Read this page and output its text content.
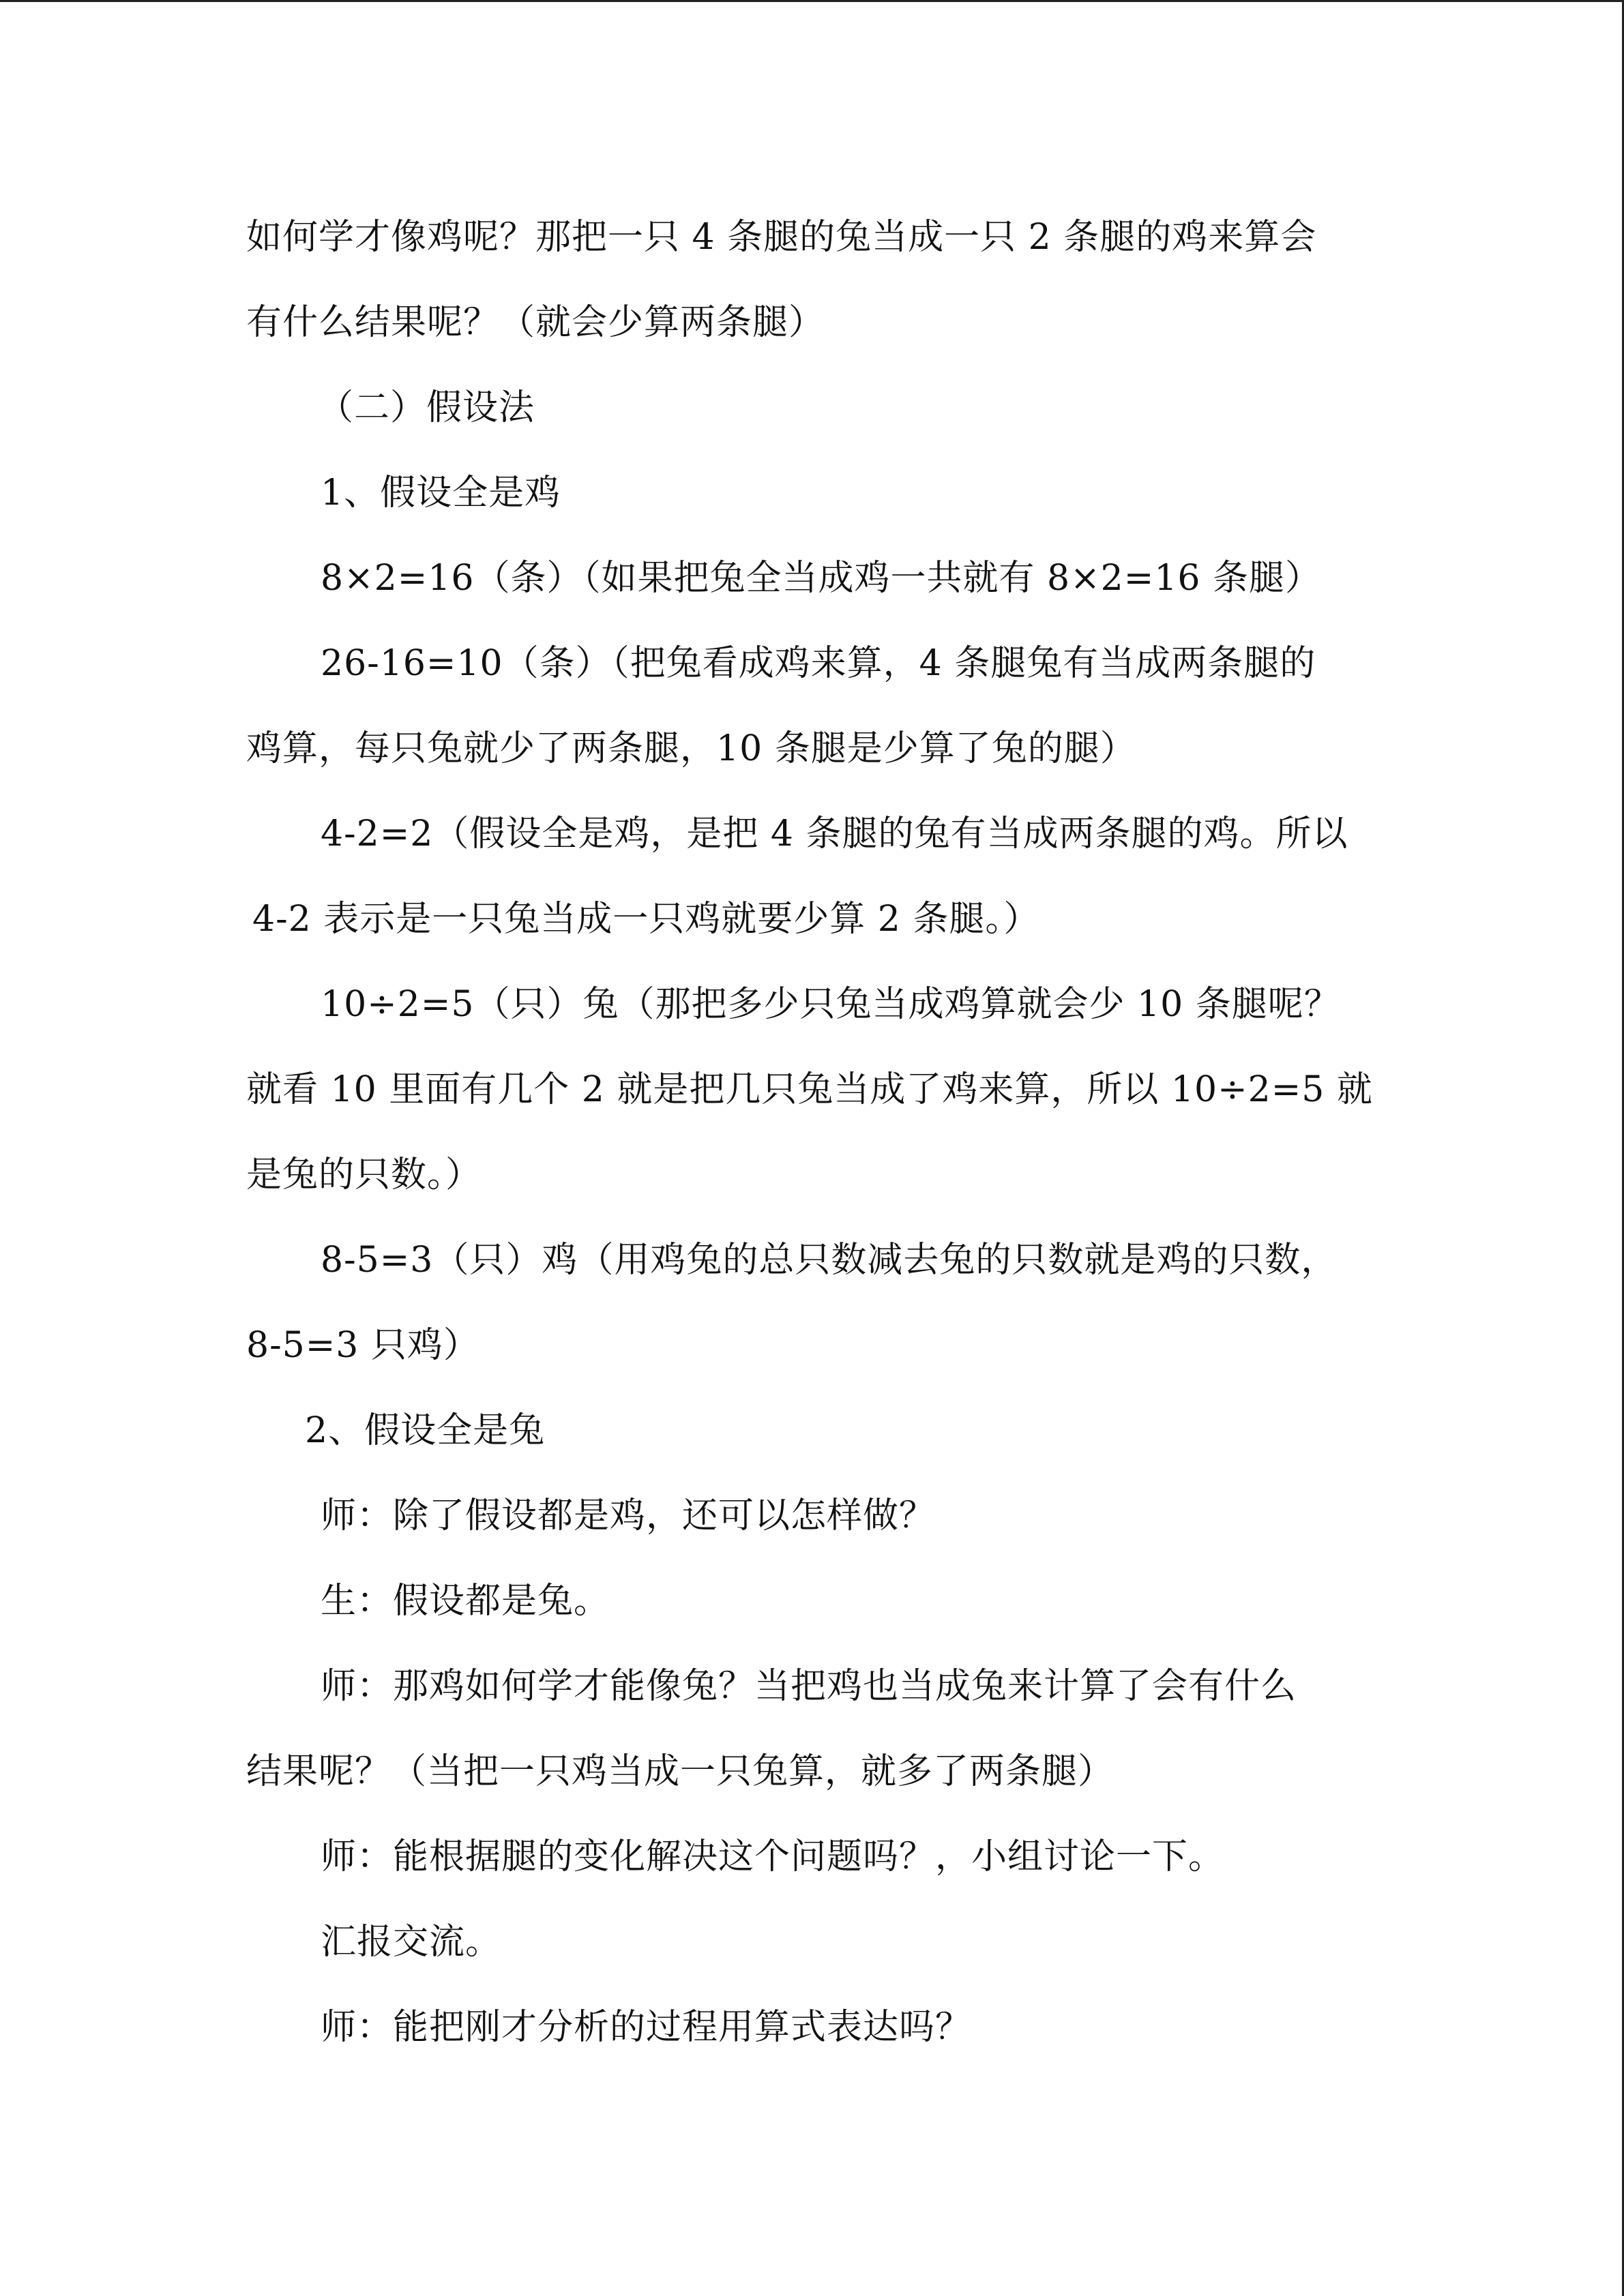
如何学才像鸡呢？那把一只 4 条腿的兔当成一只 2 条腿的鸡来算会
有什么结果呢？（就会少算两条腿）
（二）假设法
1、假设全是鸡
8×2=16（条）（如果把兔全当成鸡一共就有 8×2=16 条腿）
26-16=10（条）（把兔看成鸡来算，4 条腿兔有当成两条腿的
鸡算，每只兔就少了两条腿，10 条腿是少算了兔的腿）
4-2=2（假设全是鸡，是把 4 条腿的兔有当成两条腿的鸡。所以
4-2 表示是一只兔当成一只鸡就要少算 2 条腿。）
10÷2=5（只）兔（那把多少只兔当成鸡算就会少 10 条腿呢？
就看 10 里面有几个 2 就是把几只兔当成了鸡来算，所以 10÷2=5 就
是兔的只数。）
8-5=3（只）鸡（用鸡兔的总只数减去兔的只数就是鸡的只数，
8-5=3 只鸡）
2、假设全是兔
师：除了假设都是鸡，还可以怎样做？
生：假设都是兔。
师：那鸡如何学才能像兔？当把鸡也当成兔来计算了会有什么
结果呢？（当把一只鸡当成一只兔算，就多了两条腿）
师：能根据腿的变化解决这个问题吗？，小组讨论一下。
汇报交流。
师：能把刚才分析的过程用算式表达吗？
